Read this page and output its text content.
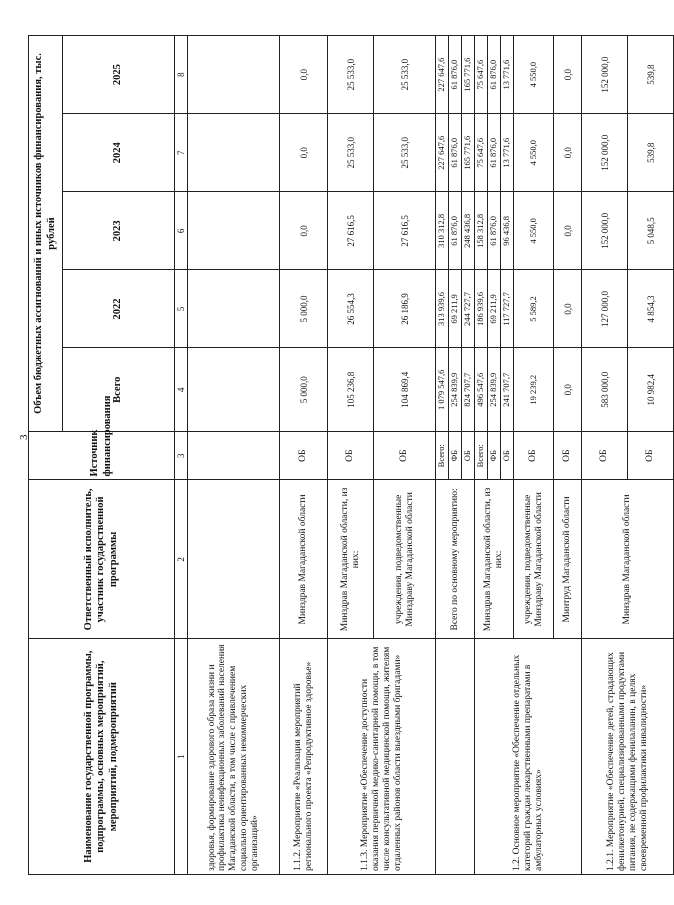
3
Наименование государственной программы, подпрограммы, основных мероприятий, мероприятий, подмероприятий	Ответственный исполнитель, участник государственной программы	Источник финансирования	Объем бюджетных ассигнований и иных источников финансирования, тыс. рублей				
			Всего	2022	2023	2024	2025
1	2	3	4	5	6	7	8
здоровья, формирование здорового образа жизни и профилактика неинфекционных заболеваний населения Магаданской области, в том числе с привлечением социально ориентированных некоммерческих организаций»							
1.1.2. Мероприятие «Реализация мероприятий регионального проекта «Репродуктивное здоровье»	Минздрав Магаданской области	ОБ	5 000,0	5 000,0	0,0	0,0	0,0
1.1.3. Мероприятие «Обеспечение доступности оказания первичной медико-санитарной помощи, в том числе консультативной медицинской помощи, жителям отдаленных районов области выездными бригадами»	Минздрав Магаданской области, из них:	ОБ	105 236,8	26 554,3	27 616,5	25 533,0	25 533,0
	учреждения, подведомственные Минздраву Магаданской области	ОБ	104 869,4	26 186,9	27 616,5	25 533,0	25 533,0
	Всего по основному мероприятию:	Всего:	1 079 547,6	313 939,6	310 312,8	227 647,6	227 647,6
		ФБ	254 839,9	69 211,9	61 876,0	61 876,0	61 876,0
		ОБ	824 707,7	244 727,7	248 436,8	165 771,6	165 771,6
1.2. Основное мероприятие «Обеспечение отдельных категорий граждан лекарственными препаратами в амбулаторных условиях»	Минздрав Магаданской области, из них:	Всего:	496 547,6	186 939,6	158 312,8	75 647,6	75 647,6
		ФБ	254 839,9	69 211,9	61 876,0	61 876,0	61 876,0
		ОБ	241 707,7	117 727,7	96 436,8	13 771,6	13 771,6
	учреждения, подведомственные Минздраву Магаданской области	ОБ	19 239,2	5 589,2	4 550,0	4 550,0	4 550,0
	Минтруд Магаданской области	ОБ	0,0	0,0	0,0	0,0	0,0
1.2.1. Мероприятие «Обеспечение детей, страдающих фенилкетонурией, специализированными продуктами питания, не содержащими фенилаланин, в целях своевременной профилактики инвалидности»	Минздрав Магаданской области	ОБ	583 000,0	127 000,0	152 000,0	152 000,0	152 000,0
		ОБ	10 982,4	4 854,3	5 048,5	539,8	539,8
